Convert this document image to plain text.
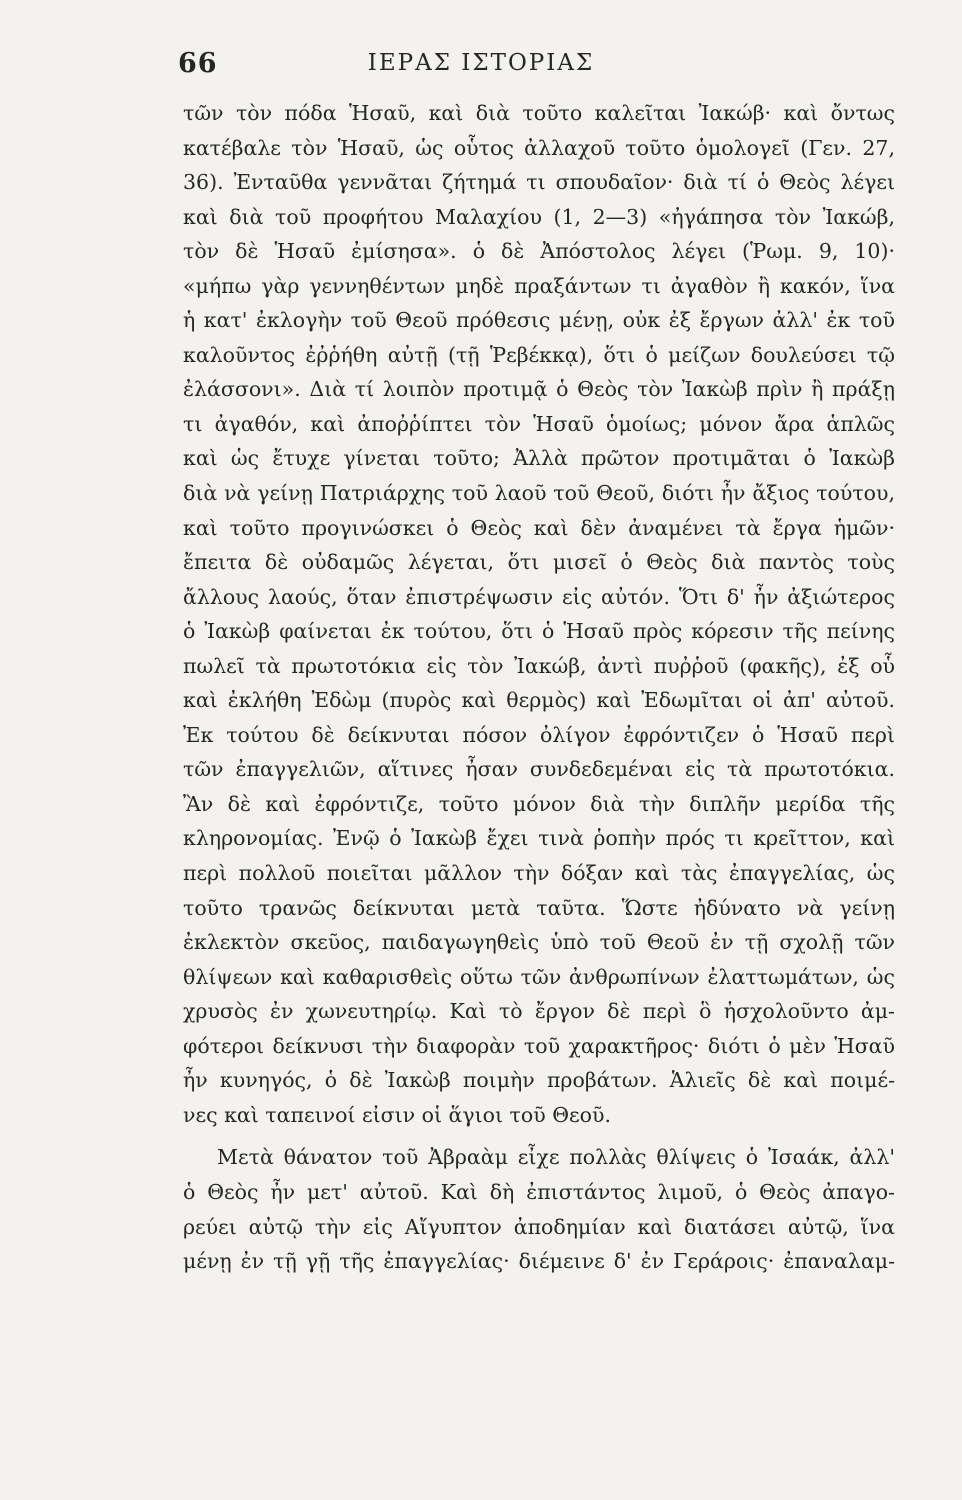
66	ΙΕΡΑΣ ΙΣΤΟΡΙΑΣ
τῶν τὸν πόδα Ἡσαῦ, καὶ διὰ τοῦτο καλεῖται Ἰακώβ· καὶ ὄντως
κατέβαλε τὸν Ἡσαῦ, ὡς οὗτος ἀλλαχοῦ τοῦτο ὁμολογεῖ (Γεν. 27,
36). Ἐνταῦθα γεννᾶται ζήτημά τι σπουδαῖον· διὰ τί ὁ Θεὸς λέγει
καὶ διὰ τοῦ προφήτου Μαλαχίου (1, 2—3) «ἠγάπησα τὸν Ἰακώβ,
τὸν δὲ Ἡσαῦ ἐμίσησα». ὁ δὲ Ἀπόστολος λέγει (Ῥωμ. 9, 10)·
«μήπω γὰρ γεννηθέντων μηδὲ πραξάντων τι ἀγαθὸν ἢ κακόν, ἵνα
ἡ κατ' ἐκλογὴν τοῦ Θεοῦ πρόθεσις μένῃ, οὐκ ἐξ ἔργων ἀλλ' ἐκ τοῦ
καλοῦντος ἐῤῥήθη αὐτῇ (τῇ Ῥεβέκκᾳ), ὅτι ὁ μείζων δουλεύσει τῷ
ἐλάσσονι». Διὰ τί λοιπὸν προτιμᾷ ὁ Θεὸς τὸν Ἰακὼβ πρὶν ἢ πράξῃ
τι ἀγαθόν, καὶ ἀποῤῥίπτει τὸν Ἡσαῦ ὁμοίως; μόνον ἄρα ἁπλῶς
καὶ ὡς ἔτυχε γίνεται τοῦτο; Ἀλλὰ πρῶτον προτιμᾶται ὁ Ἰακὼβ
διὰ νὰ γείνῃ Πατριάρχης τοῦ λαοῦ τοῦ Θεοῦ, διότι ἦν ἄξιος τούτου,
καὶ τοῦτο προγινώσκει ὁ Θεὸς καὶ δὲν ἀναμένει τὰ ἔργα ἡμῶν·
ἔπειτα δὲ οὐδαμῶς λέγεται, ὅτι μισεῖ ὁ Θεὸς διὰ παντὸς τοὺς
ἄλλους λαούς, ὅταν ἐπιστρέψωσιν εἰς αὐτόν. Ὅτι δ' ἦν ἀξιώτερος
ὁ Ἰακὼβ φαίνεται ἐκ τούτου, ὅτι ὁ Ἡσαῦ πρὸς κόρεσιν τῆς πείνης
πωλεῖ τὰ πρωτοτόκια εἰς τὸν Ἰακώβ, ἀντὶ πυῤῥοῦ (φακῆς), ἐξ οὗ
καὶ ἐκλήθη Ἐδὼμ (πυρὸς καὶ θερμὸς) καὶ Ἐδωμῖται οἱ ἀπ' αὐτοῦ.
Ἐκ τούτου δὲ δείκνυται πόσον ὀλίγον ἐφρόντιζεν ὁ Ἡσαῦ περὶ
τῶν ἐπαγγελιῶν, αἵτινες ἦσαν συνδεδεμέναι εἰς τὰ πρωτοτόκια.
Ἂν δὲ καὶ ἐφρόντιζε, τοῦτο μόνον διὰ τὴν διπλῆν μερίδα τῆς
κληρονομίας. Ἐνῷ ὁ Ἰακὼβ ἔχει τινὰ ῥοπὴν πρός τι κρεῖττον, καὶ
περὶ πολλοῦ ποιεῖται μᾶλλον τὴν δόξαν καὶ τὰς ἐπαγγελίας, ὡς
τοῦτο τρανῶς δείκνυται μετὰ ταῦτα. Ὥστε ἠδύνατο νὰ γείνῃ
ἐκλεκτὸν σκεῦος, παιδαγωγηθεὶς ὑπὸ τοῦ Θεοῦ ἐν τῇ σχολῇ τῶν
θλίψεων καὶ καθαρισθεὶς οὕτω τῶν ἀνθρωπίνων ἐλαττωμάτων, ὡς
χρυσὸς ἐν χωνευτηρίῳ. Καὶ τὸ ἔργον δὲ περὶ ὃ ἠσχολοῦντο ἀμ-
φότεροι δείκνυσι τὴν διαφορὰν τοῦ χαρακτῆρος· διότι ὁ μὲν Ἡσαῦ
ἦν κυνηγός, ὁ δὲ Ἰακὼβ ποιμὴν προβάτων. Ἁλιεῖς δὲ καὶ ποιμέ-
νες καὶ ταπεινοί εἰσιν οἱ ἅγιοι τοῦ Θεοῦ.
Μετὰ θάνατον τοῦ Ἀβραὰμ εἶχε πολλὰς θλίψεις ὁ Ἰσαάκ, ἀλλ'
ὁ Θεὸς ἦν μετ' αὐτοῦ. Καὶ δὴ ἐπιστάντος λιμοῦ, ὁ Θεὸς ἀπαγο-
ρεύει αὐτῷ τὴν εἰς Αἴγυπτον ἀποδημίαν καὶ διατάσει αὐτῷ, ἵνα
μένῃ ἐν τῇ γῇ τῆς ἐπαγγελίας· διέμεινε δ' ἐν Γεράροις· ἐπαναλαμ-
